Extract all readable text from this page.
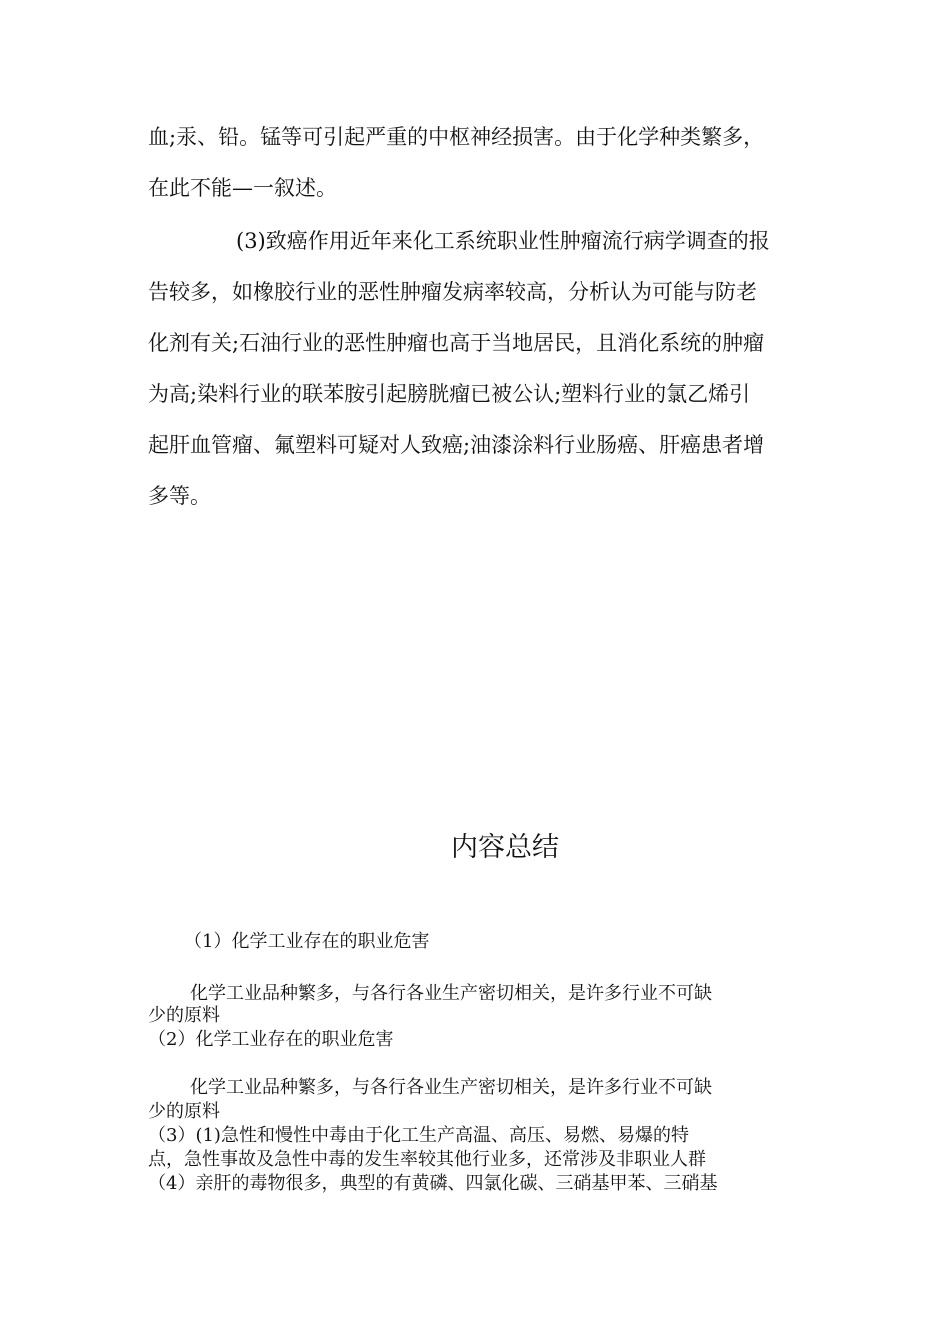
血;汞、铅。锰等可引起严重的中枢神经损害。由于化学种类繁多，
在此不能—一叙述。
(3)致癌作用近年来化工系统职业性肿瘤流行病学调查的报
告较多，如橡胶行业的恶性肿瘤发病率较高，分析认为可能与防老
化剂有关;石油行业的恶性肿瘤也高于当地居民，且消化系统的肿瘤
为高;染料行业的联苯胺引起膀胱瘤已被公认;塑料行业的氯乙烯引
起肝血管瘤、氟塑料可疑对人致癌;油漆涂料行业肠癌、肝癌患者增
多等。
内容总结
（1）化学工业存在的职业危害
化学工业品种繁多，与各行各业生产密切相关，是许多行业不可缺
少的原料
（2）化学工业存在的职业危害
化学工业品种繁多，与各行各业生产密切相关，是许多行业不可缺
少的原料
（3）(1)急性和慢性中毒由于化工生产高温、高压、易燃、易爆的特
点，急性事故及急性中毒的发生率较其他行业多，还常涉及非职业人群
（4）亲肝的毒物很多，典型的有黄磷、四氯化碳、三硝基甲苯、三硝基
